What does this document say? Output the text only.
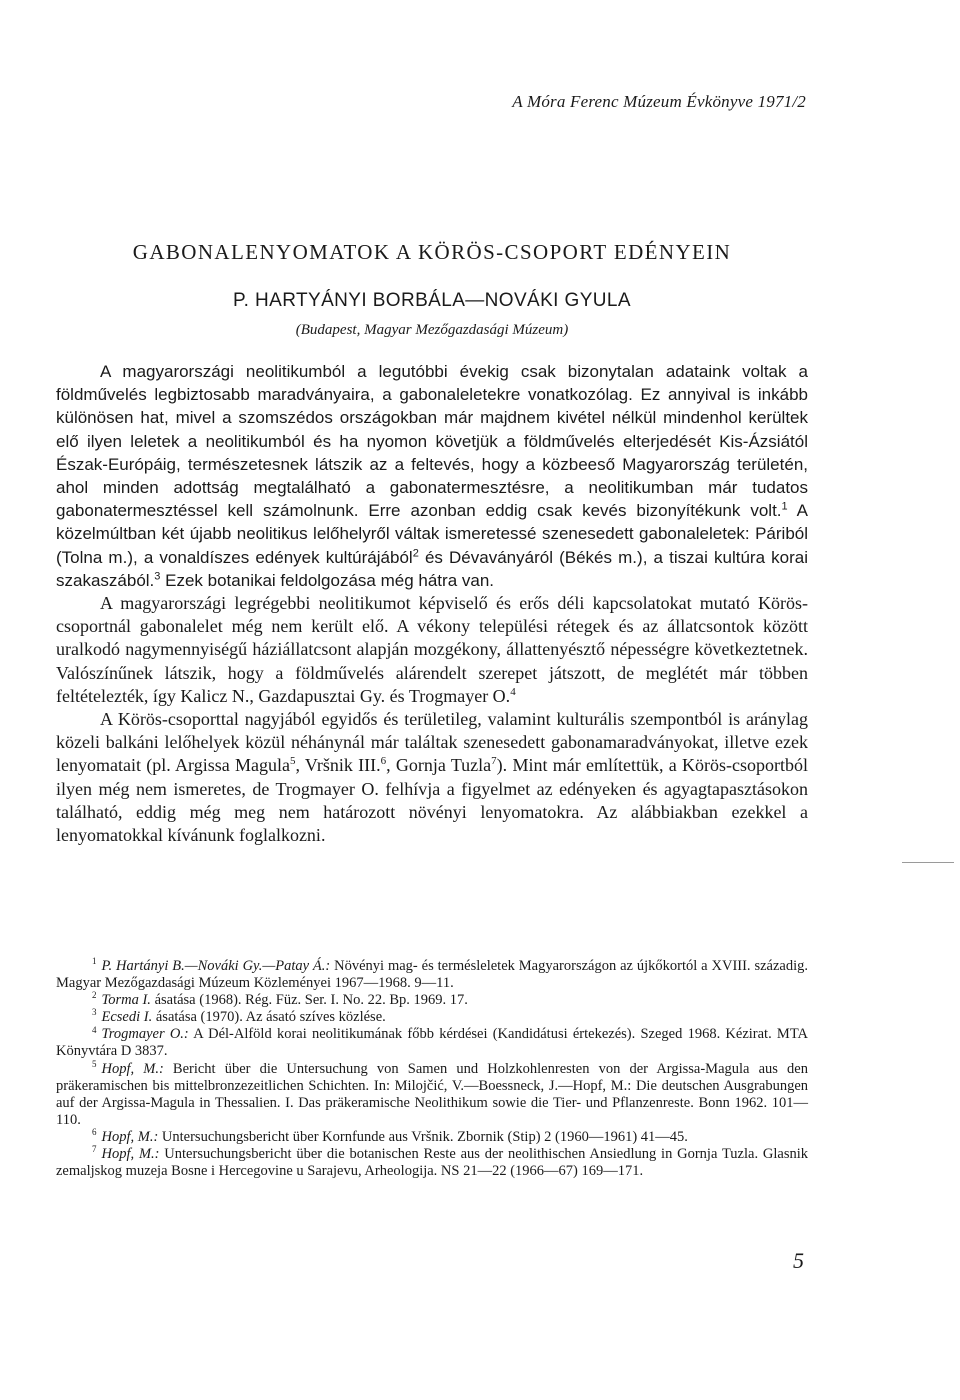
A Móra Ferenc Múzeum Évkönyve 1971/2
GABONALENYOMATOK A KÖRÖS-CSOPORT EDÉNYEIN
P. HARTYÁNYI BORBÁLA—NOVÁKI GYULA
(Budapest, Magyar Mezőgazdasági Múzeum)

A magyarországi neolitikumból a legutóbbi évekig csak bizonytalan adataink voltak a földművelés legbiztosabb maradványaira, a gabonaleletekre vonatkozólag. Ez annyival is inkább különösen hat, mivel a szomszédos országokban már majdnem kivétel nélkül mindenhol kerültek elő ilyen leletek a neolitikumból és ha nyomon követjük a földművelés elterjedését Kis-Ázsiától Észak-Európáig, természetesnek látszik az a feltevés, hogy a közbeeső Magyarország területén, ahol minden adottság megtalálható a gabonatermesztésre, a neolitikumban már tudatos gabonatermesztéssel kell számolnunk. Erre azonban eddig csak kevés bizonyítékunk volt.$^1$ A közelmúltban két újabb neolitikus lelőhelyről váltak ismeretessé szenesedett gabonaleletek: Páriból (Tolna m.), a vonaldíszes edények kultúrájából$^2$ és Dévaványáról (Békés m.), a tiszai kultúra korai szakaszából.$^3$ Ezek botanikai feldolgozása még hátra van.

A magyarországi legrégebbi neolitikumot képviselő és erős déli kapcsolatokat mutató Körös-csoportnál gabonalelet még nem került elő. A vékony települési rétegek és az állatcsontok között uralkodó nagymennyiségű háziállatcsont alapján mozgékony, állattenyésztő népességre következtetnek. Valószínűnek látszik, hogy a földművelés alárendelt szerepet játszott, de meglétét már többen feltételezték, így Kalicz N., Gazdapusztai Gy. és Trogmayer O.$^4$

A Körös-csoporttal nagyjából egyidős és területileg, valamint kulturális szempontból is aránylag közeli balkáni lelőhelyek közül néhánynál már találtak szenesedett gabonamaradványokat, illetve ezek lenyomatait (pl. Argissa Magula$^5$, Vršnik III.$^6$, Gornja Tuzla$^7$). Mint már említettük, a Körös-csoportból ilyen még nem ismeretes, de Trogmayer O. felhívja a figyelmet az edényeken és agyagtapasztásokon található, eddig még meg nem határozott növényi lenyomatokra. Az alábbiakban ezekkel a lenyomatokkal kívánunk foglalkozni.

$^1$ P. Hartányi B.—Nováki Gy.—Patay Á.: Növényi mag- és termésleletek Magyarországon az újkőkortól a XVIII. századig. Magyar Mezőgazdasági Múzeum Közleményei 1967—1968. 9—11.

$^2$ Torma I. ásatása (1968). Rég. Füz. Ser. I. No. 22. Bp. 1969. 17.

$^3$ Ecsedi I. ásatása (1970). Az ásató szíves közlése.

$^4$ Trogmayer O.: A Dél-Alföld korai neolitikumának főbb kérdései (Kandidátusi értekezés). Szeged 1968. Kézirat. MTA Könyvtára D 3837.

$^5$ Hopf, M.: Bericht über die Untersuchung von Samen und Holzkohlenresten von der Argissa-Magula aus den präkeramischen bis mittelbronzezeitlichen Schichten. In: Milojčić, V.—Boessneck, J.—Hopf, M.: Die deutschen Ausgrabungen auf der Argissa-Magula in Thessalien. I. Das präkeramische Neolithikum sowie die Tier- und Pflanzenreste. Bonn 1962. 101—110.

$^6$ Hopf, M.: Untersuchungsbericht über Kornfunde aus Vršnik. Zbornik (Stip) 2 (1960—1961) 41—45.

$^7$ Hopf, M.: Untersuchungsbericht über die botanischen Reste aus der neolithischen Ansiedlung in Gornja Tuzla. Glasnik zemaljskog muzeja Bosne i Hercegovine u Sarajevu, Arheologija. NS 21—22 (1966—67) 169—171.

5
